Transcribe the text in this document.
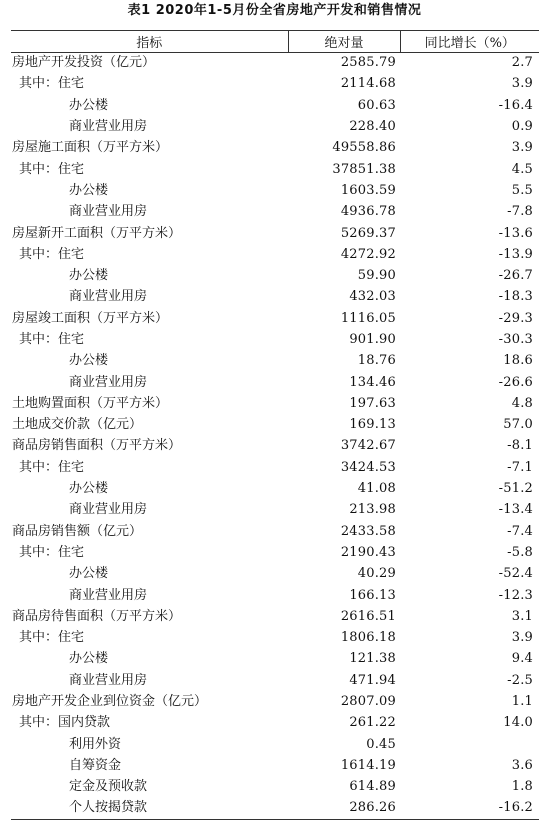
表1 2020年1-5月份全省房地产开发和销售情况
指标	绝对量	同比增长（%）
房地产开发投资（亿元）	2585.79	2.7
其中：住宅	2114.68	3.9
办公楼	60.63	-16.4
商业营业用房	228.40	0.9
房屋施工面积（万平方米）	49558.86	3.9
其中：住宅	37851.38	4.5
办公楼	1603.59	5.5
商业营业用房	4936.78	-7.8
房屋新开工面积（万平方米）	5269.37	-13.6
其中：住宅	4272.92	-13.9
办公楼	59.90	-26.7
商业营业用房	432.03	-18.3
房屋竣工面积（万平方米）	1116.05	-29.3
其中：住宅	901.90	-30.3
办公楼	18.76	18.6
商业营业用房	134.46	-26.6
土地购置面积（万平方米）	197.63	4.8
土地成交价款（亿元）	169.13	57.0
商品房销售面积（万平方米）	3742.67	-8.1
其中：住宅	3424.53	-7.1
办公楼	41.08	-51.2
商业营业用房	213.98	-13.4
商品房销售额（亿元）	2433.58	-7.4
其中：住宅	2190.43	-5.8
办公楼	40.29	-52.4
商业营业用房	166.13	-12.3
商品房待售面积（万平方米）	2616.51	3.1
其中：住宅	1806.18	3.9
办公楼	121.38	9.4
商业营业用房	471.94	-2.5
房地产开发企业到位资金（亿元）	2807.09	1.1
其中：国内贷款	261.22	14.0
利用外资	0.45	
自筹资金	1614.19	3.6
定金及预收款	614.89	1.8
个人按揭贷款	286.26	-16.2
